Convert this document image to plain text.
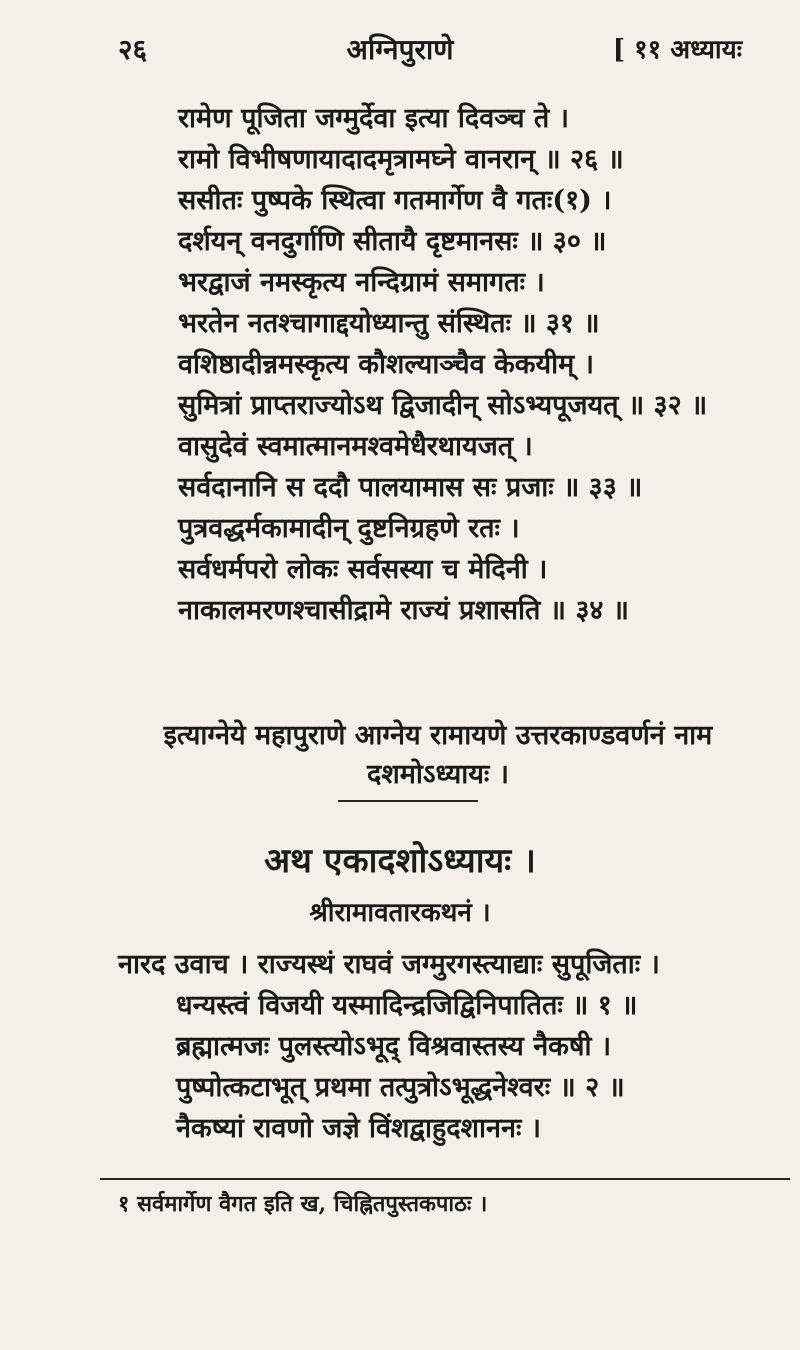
२६	अग्निपुराणे	[ ११ अध्यायः
रामेण पूजिता जग्मुर्देवा इत्या दिवञ्च ते ।
रामो विभीषणायादादमृत्रामघ्ने वानरान् ॥ २६ ॥
ससीतः पुष्पके स्थित्वा गतमार्गेण वै गतः(१) ।
दर्शयन् वनदुर्गाणि सीतायै दृष्टमानसः ॥ ३० ॥
भरद्वाजं नमस्कृत्य नन्दिग्रामं समागतः ।
भरतेन नतश्चागाद्दयोध्यान्तु संस्थितः ॥ ३१ ॥
वशिष्ठादीन्नमस्कृत्य कौशल्याञ्चैव केकयीम् ।
सुमित्रां प्राप्तराज्योऽथ द्विजादीन् सोऽभ्यपूजयत् ॥ ३२ ॥
वासुदेवं स्वमात्मानमश्वमेधैरथायजत् ।
सर्वदानानि स ददौ पालयामास सः प्रजाः ॥ ३३ ॥
पुत्रवद्धर्मकामादीन् दुष्टनिग्रहणे रतः ।
सर्वधर्मपरो लोकः सर्वसस्या च मेदिनी ।
नाकालमरणश्चासीद्रामे राज्यं प्रशासति ॥ ३४ ॥
इत्याग्नेये महापुराणे आग्नेय रामायणे उत्तरकाण्डवर्णनं नाम
दशमोऽध्यायः ।
अथ एकादशोऽध्यायः ।
श्रीरामावतारकथनं ।
नारद उवाच । राज्यस्थं राघवं जग्मुरगस्त्याद्याः सुपूजिताः ।
धन्यस्त्वं विजयी यस्मादिन्द्रजिद्विनिपातितः ॥ १ ॥
ब्रह्मात्मजः पुलस्त्योऽभूद् विश्रवास्तस्य नैकषी ।
पुष्पोत्कटाभूत् प्रथमा तत्पुत्रोऽभूद्धनेश्वरः ॥ २ ॥
नैकष्यां रावणो जज्ञे विंशद्वाहुदशाननः ।
१ सर्वमार्गेण वैगत इति ख, चिह्नितपुस्तकपाठः ।
